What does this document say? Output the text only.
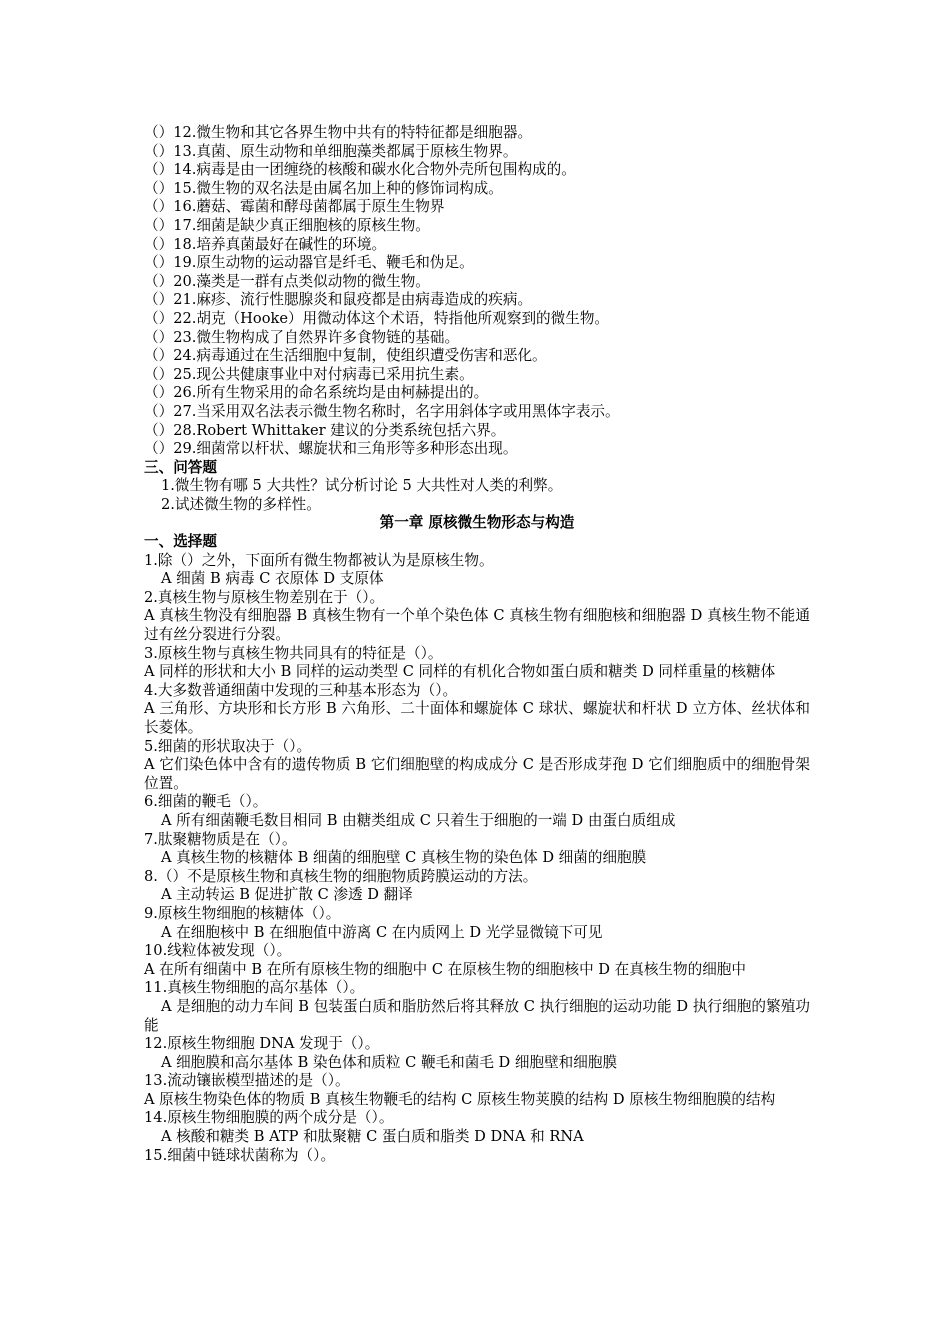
（）12.微生物和其它各界生物中共有的特特征都是细胞器。
（）13.真菌、原生动物和单细胞藻类都属于原核生物界。
（）14.病毒是由一团缠绕的核酸和碳水化合物外壳所包围构成的。
（）15.微生物的双名法是由属名加上种的修饰词构成。
（）16.蘑菇、霉菌和酵母菌都属于原生生物界
（）17.细菌是缺少真正细胞核的原核生物。
（）18.培养真菌最好在碱性的环境。
（）19.原生动物的运动器官是纤毛、鞭毛和伪足。
（）20.藻类是一群有点类似动物的微生物。
（）21.麻疹、流行性腮腺炎和鼠疫都是由病毒造成的疾病。
（）22.胡克（Hooke）用微动体这个术语，特指他所观察到的微生物。
（）23.微生物构成了自然界许多食物链的基础。
（）24.病毒通过在生活细胞中复制，使组织遭受伤害和恶化。
（）25.现公共健康事业中对付病毒已采用抗生素。
（）26.所有生物采用的命名系统均是由柯赫提出的。
（）27.当采用双名法表示微生物名称时，名字用斜体字或用黑体字表示。
（）28.Robert Whittaker 建议的分类系统包括六界。
（）29.细菌常以杆状、螺旋状和三角形等多种形态出现。
三、问答题
1.微生物有哪 5 大共性？试分析讨论 5 大共性对人类的利弊。
2.试述微生物的多样性。
第一章 原核微生物形态与构造
一、选择题
1.除（）之外，下面所有微生物都被认为是原核生物。
A 细菌 B 病毒 C 衣原体 D 支原体
2.真核生物与原核生物差别在于（）。
A 真核生物没有细胞器 B 真核生物有一个单个染色体 C 真核生物有细胞核和细胞器 D 真核生物不能通过有丝分裂进行分裂。
3.原核生物与真核生物共同具有的特征是（）。
A 同样的形状和大小 B 同样的运动类型 C 同样的有机化合物如蛋白质和糖类 D 同样重量的核糖体
4.大多数普通细菌中发现的三种基本形态为（）。
A 三角形、方块形和长方形 B 六角形、二十面体和螺旋体 C 球状、螺旋状和杆状 D 立方体、丝状体和长菱体。
5.细菌的形状取决于（）。
A 它们染色体中含有的遗传物质 B 它们细胞壁的构成成分 C 是否形成芽孢 D 它们细胞质中的细胞骨架位置。
6.细菌的鞭毛（）。
A 所有细菌鞭毛数目相同 B 由糖类组成 C 只着生于细胞的一端 D 由蛋白质组成
7.肽聚糖物质是在（）。
A 真核生物的核糖体 B 细菌的细胞壁 C 真核生物的染色体 D 细菌的细胞膜
8.（）不是原核生物和真核生物的细胞物质跨膜运动的方法。
A 主动转运 B 促进扩散 C 渗透 D 翻译
9.原核生物细胞的核糖体（）。
A 在细胞核中 B 在细胞值中游离 C 在内质网上 D 光学显微镜下可见
10.线粒体被发现（）。
A 在所有细菌中 B 在所有原核生物的细胞中 C 在原核生物的细胞核中 D 在真核生物的细胞中
11.真核生物细胞的高尔基体（）。
A 是细胞的动力车间 B 包装蛋白质和脂肪然后将其释放 C 执行细胞的运动功能 D 执行细胞的繁殖功能
12.原核生物细胞 DNA 发现于（）。
A 细胞膜和高尔基体 B 染色体和质粒 C 鞭毛和菌毛 D 细胞壁和细胞膜
13.流动镶嵌模型描述的是（）。
A 原核生物染色体的物质 B 真核生物鞭毛的结构 C 原核生物荚膜的结构 D 原核生物细胞膜的结构
14.原核生物细胞膜的两个成分是（）。
A 核酸和糖类 B ATP 和肽聚糖 C 蛋白质和脂类 D DNA 和 RNA
15.细菌中链球状菌称为（）。
